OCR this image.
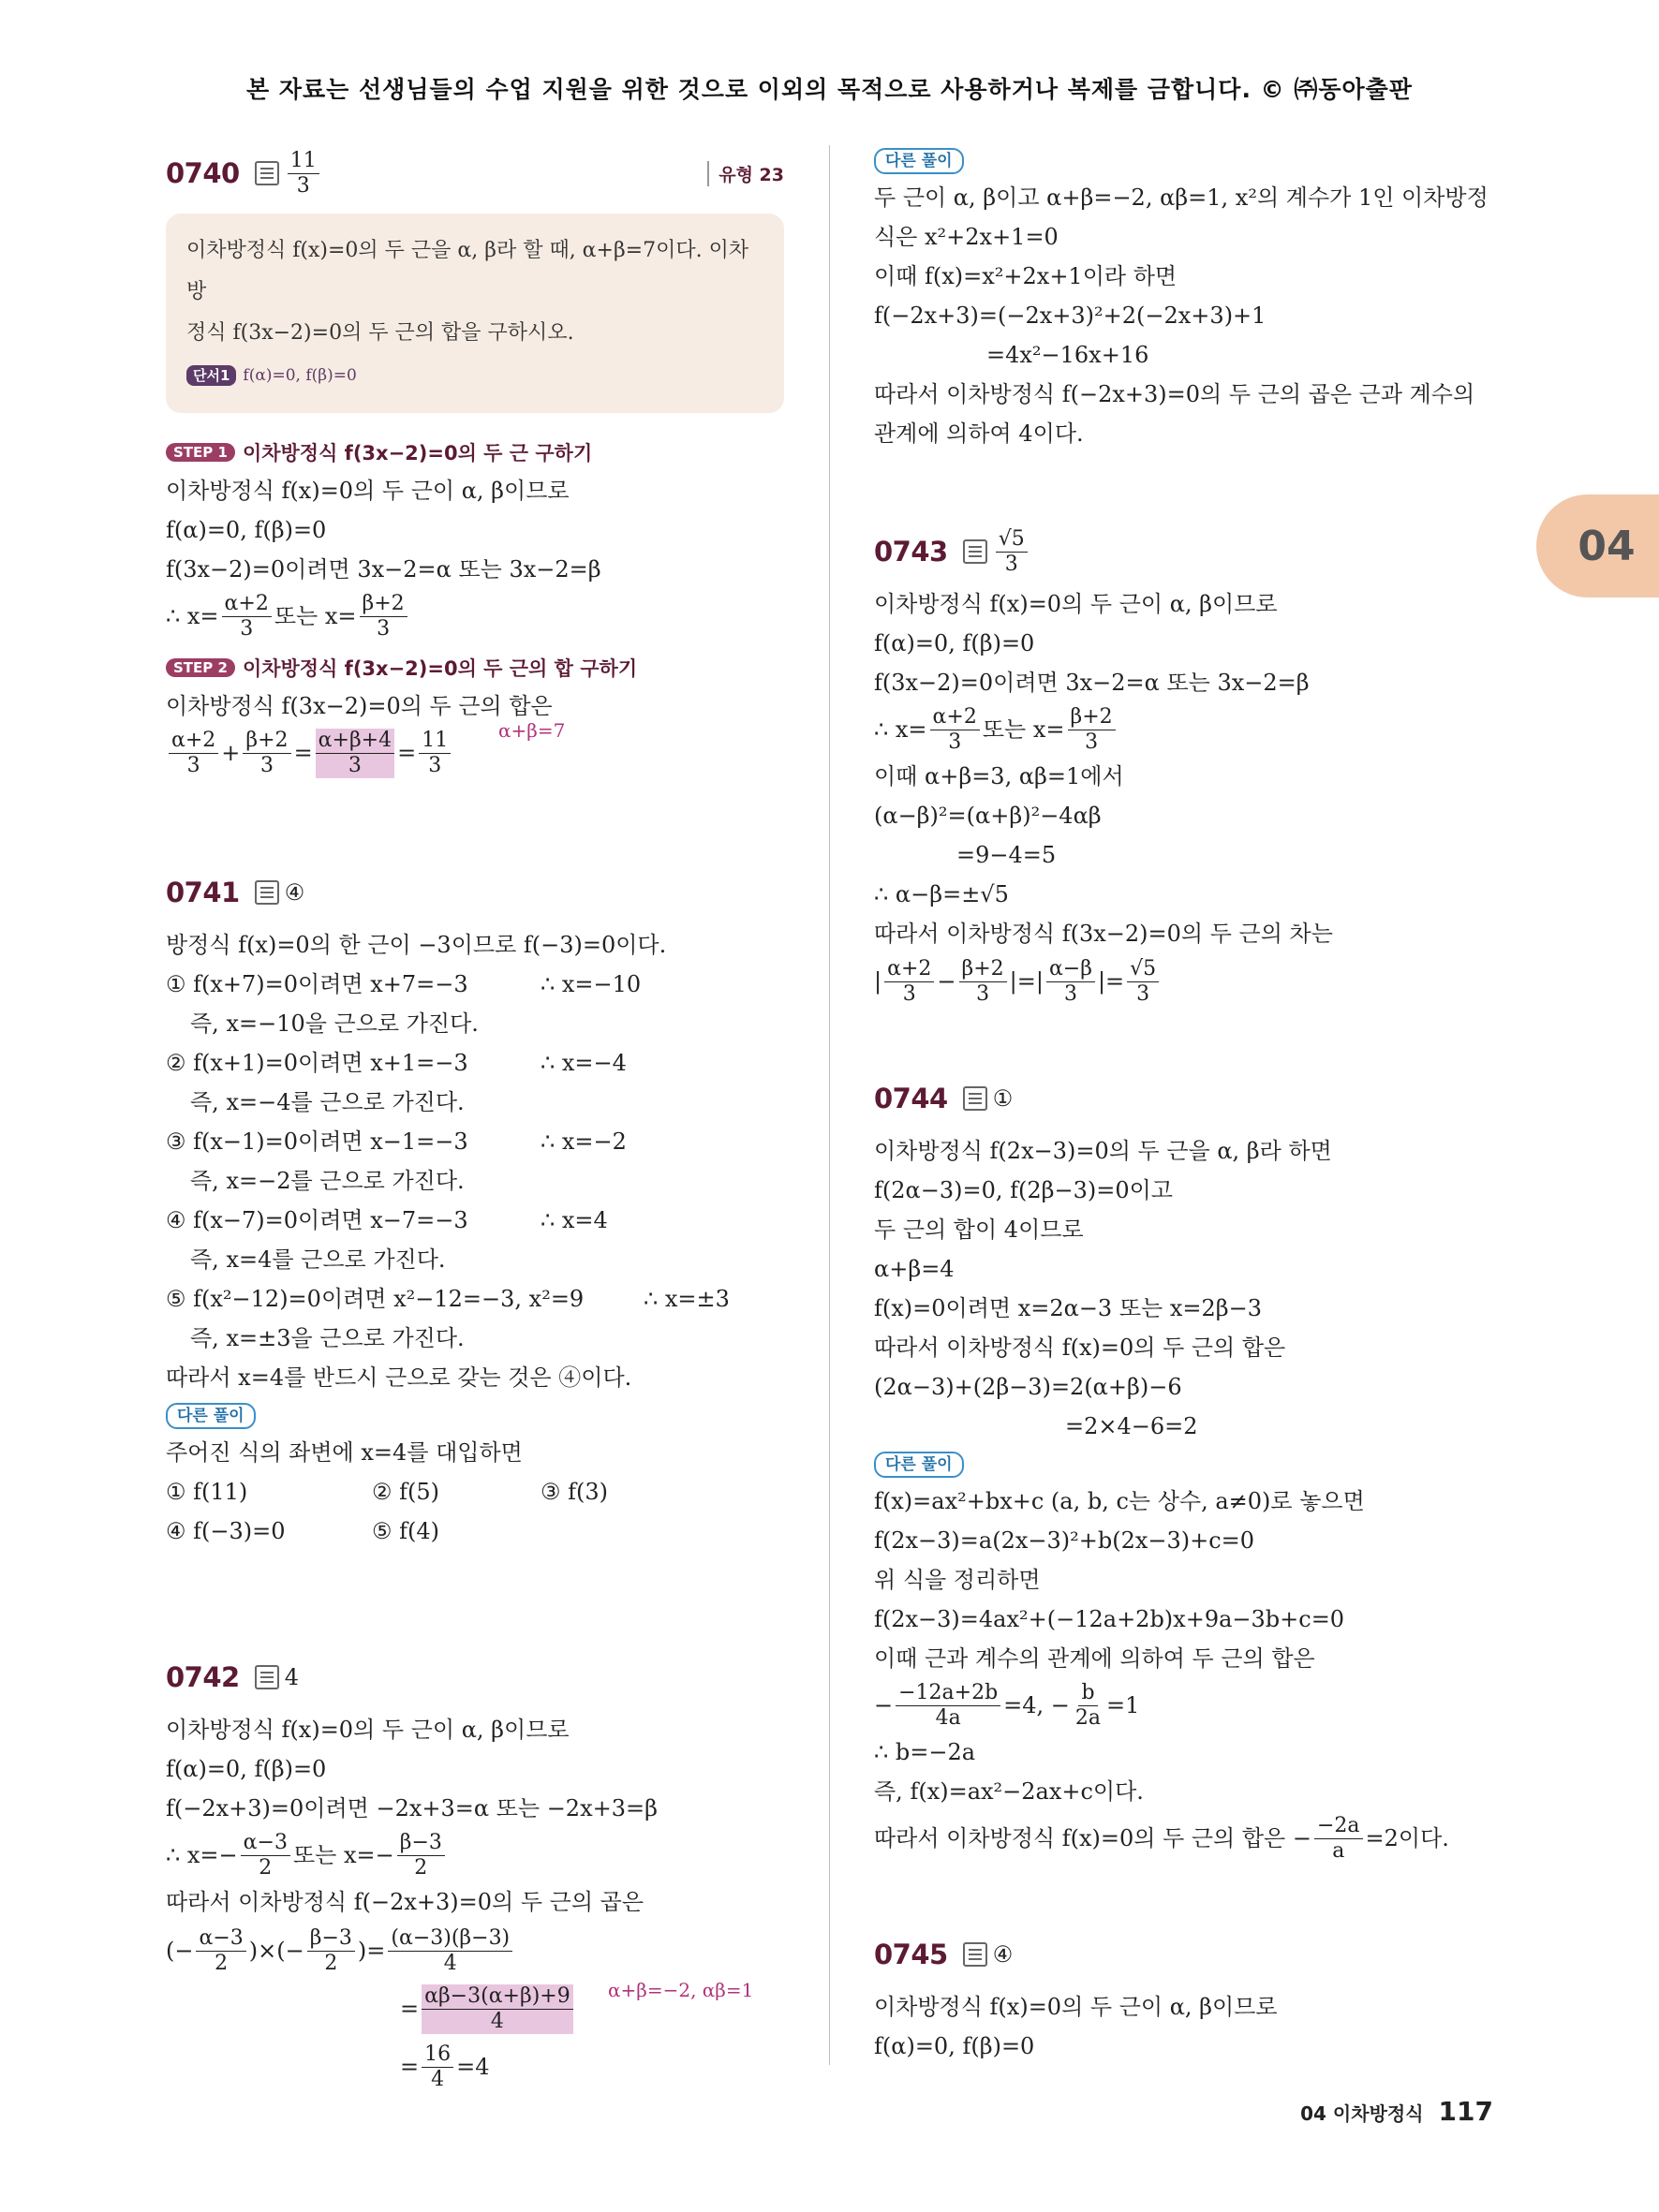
본 자료는 선생님들의 수업 지원을 위한 것으로 이외의 목적으로 사용하거나 복제를 금합니다. © ㈜동아출판
$0740 \frac{11}{3}$	유형 23
이차방정식 f(x)=0의 두 근을 α, β라 할 때, α+β=7이다. 이차방
정식 f(3x−2)=0의 두 근의 합을 구하시오.
단서1 f(α)=0, f(β)=0
STEP 1 이차방정식 f(3x−2)=0의 두 근 구하기
이차방정식 f(x)=0의 두 근이 α, β이므로
f(α)=0, f(β)=0
f(3x−2)=0이려면 3x−2=α 또는 3x−2=β
∴ $x= \frac{\alpha+2}{3}$ 또는 $x= \frac{\beta+2}{3}$
STEP 2 이차방정식 f(3x−2)=0의 두 근의 합 구하기
이차방정식 f(3x−2)=0의 두 근의 합은
$\frac{\alpha+2}{3} + \frac{\beta+2}{3} = \frac{\alpha+\beta+4}{3} = \frac{11}{3}$	α+β=7
0741 ④
방정식 f(x)=0의 한 근이 −3이므로 f(−3)=0이다.
① f(x+7)=0이려면 x+7=−3	∴ x=−10
즉, x=−10을 근으로 가진다.
② f(x+1)=0이려면 x+1=−3	∴ x=−4
즉, x=−4를 근으로 가진다.
③ f(x−1)=0이려면 x−1=−3	∴ x=−2
즉, x=−2를 근으로 가진다.
④ f(x−7)=0이려면 x−7=−3	∴ x=4
즉, x=4를 근으로 가진다.
⑤ f(x²−12)=0이려면 x²−12=−3, x²=9	∴ x=±3
즉, x=±3을 근으로 가진다.
따라서 x=4를 반드시 근으로 갖는 것은 ④이다.
다른 풀이
주어진 식의 좌변에 x=4를 대입하면
① f(11)	② f(5)	③ f(3)
④ f(−3)=0	⑤ f(4)
0742 4
이차방정식 f(x)=0의 두 근이 α, β이므로
f(α)=0, f(β)=0
f(−2x+3)=0이려면 −2x+3=α 또는 −2x+3=β
∴ $x=- \frac{\alpha-3}{2}$ 또는 $x=- \frac{\beta-3}{2}$
따라서 이차방정식 f(−2x+3)=0의 두 근의 곱은
(− $\frac{\alpha-3}{2}$ )×(− $\frac{\beta-3}{2}$ )= $\frac{(\alpha-3)(\beta-3)}{4}$
= $\frac{\alpha\beta-3(\alpha+\beta)+9}{4} \alpha+\beta=-2$, αβ=1
= $\frac{16}{4} =4$
다른 풀이
두 근이 α, β이고 α+β=−2, αβ=1, x²의 계수가 1인 이차방정
식은 x²+2x+1=0
이때 f(x)=x²+2x+1이라 하면
f(−2x+3)=(−2x+3)²+2(−2x+3)+1
=4x²−16x+16
따라서 이차방정식 f(−2x+3)=0의 두 근의 곱은 근과 계수의
관계에 의하여 4이다.
$0743 \frac{√5}{3}$
이차방정식 f(x)=0의 두 근이 α, β이므로
f(α)=0, f(β)=0
f(3x−2)=0이려면 3x−2=α 또는 3x−2=β
∴ $x= \frac{\alpha+2}{3}$ 또는 $x= \frac{\beta+2}{3}$
이때 α+β=3, αβ=1에서
(α−β)²=(α+β)²−4αβ
=9−4=5
∴ α−β=±√5
따라서 이차방정식 f(3x−2)=0의 두 근의 차는
| $\frac{\alpha+2}{3} - \frac{\beta+2}{3}$ |=| $\frac{\alpha-\beta}{3}$ |= $\frac{√5}{3}$
0744 ①
이차방정식 f(2x−3)=0의 두 근을 α, β라 하면
f(2α−3)=0, f(2β−3)=0이고
두 근의 합이 4이므로
α+β=4
f(x)=0이려면 x=2α−3 또는 x=2β−3
따라서 이차방정식 f(x)=0의 두 근의 합은
(2α−3)+(2β−3)=2(α+β)−6
=2×4−6=2
다른 풀이
f(x)=ax²+bx+c (a, b, c는 상수, a≠0)로 놓으면
f(2x−3)=a(2x−3)²+b(2x−3)+c=0
위 식을 정리하면
f(2x−3)=4ax²+(−12a+2b)x+9a−3b+c=0
이때 근과 계수의 관계에 의하여 두 근의 합은
− $\frac{-12a+2b}{4a} =4$, − $\frac{b}{2a} =1$
∴ b=−2a
즉, f(x)=ax²−2ax+c이다.
따라서 이차방정식 f(x)=0의 두 근의 합은 − $\frac{-2a}{a} =2$이다.
0745 ④
이차방정식 f(x)=0의 두 근이 α, β이므로
f(α)=0, f(β)=0
04
04 이차방정식 117
